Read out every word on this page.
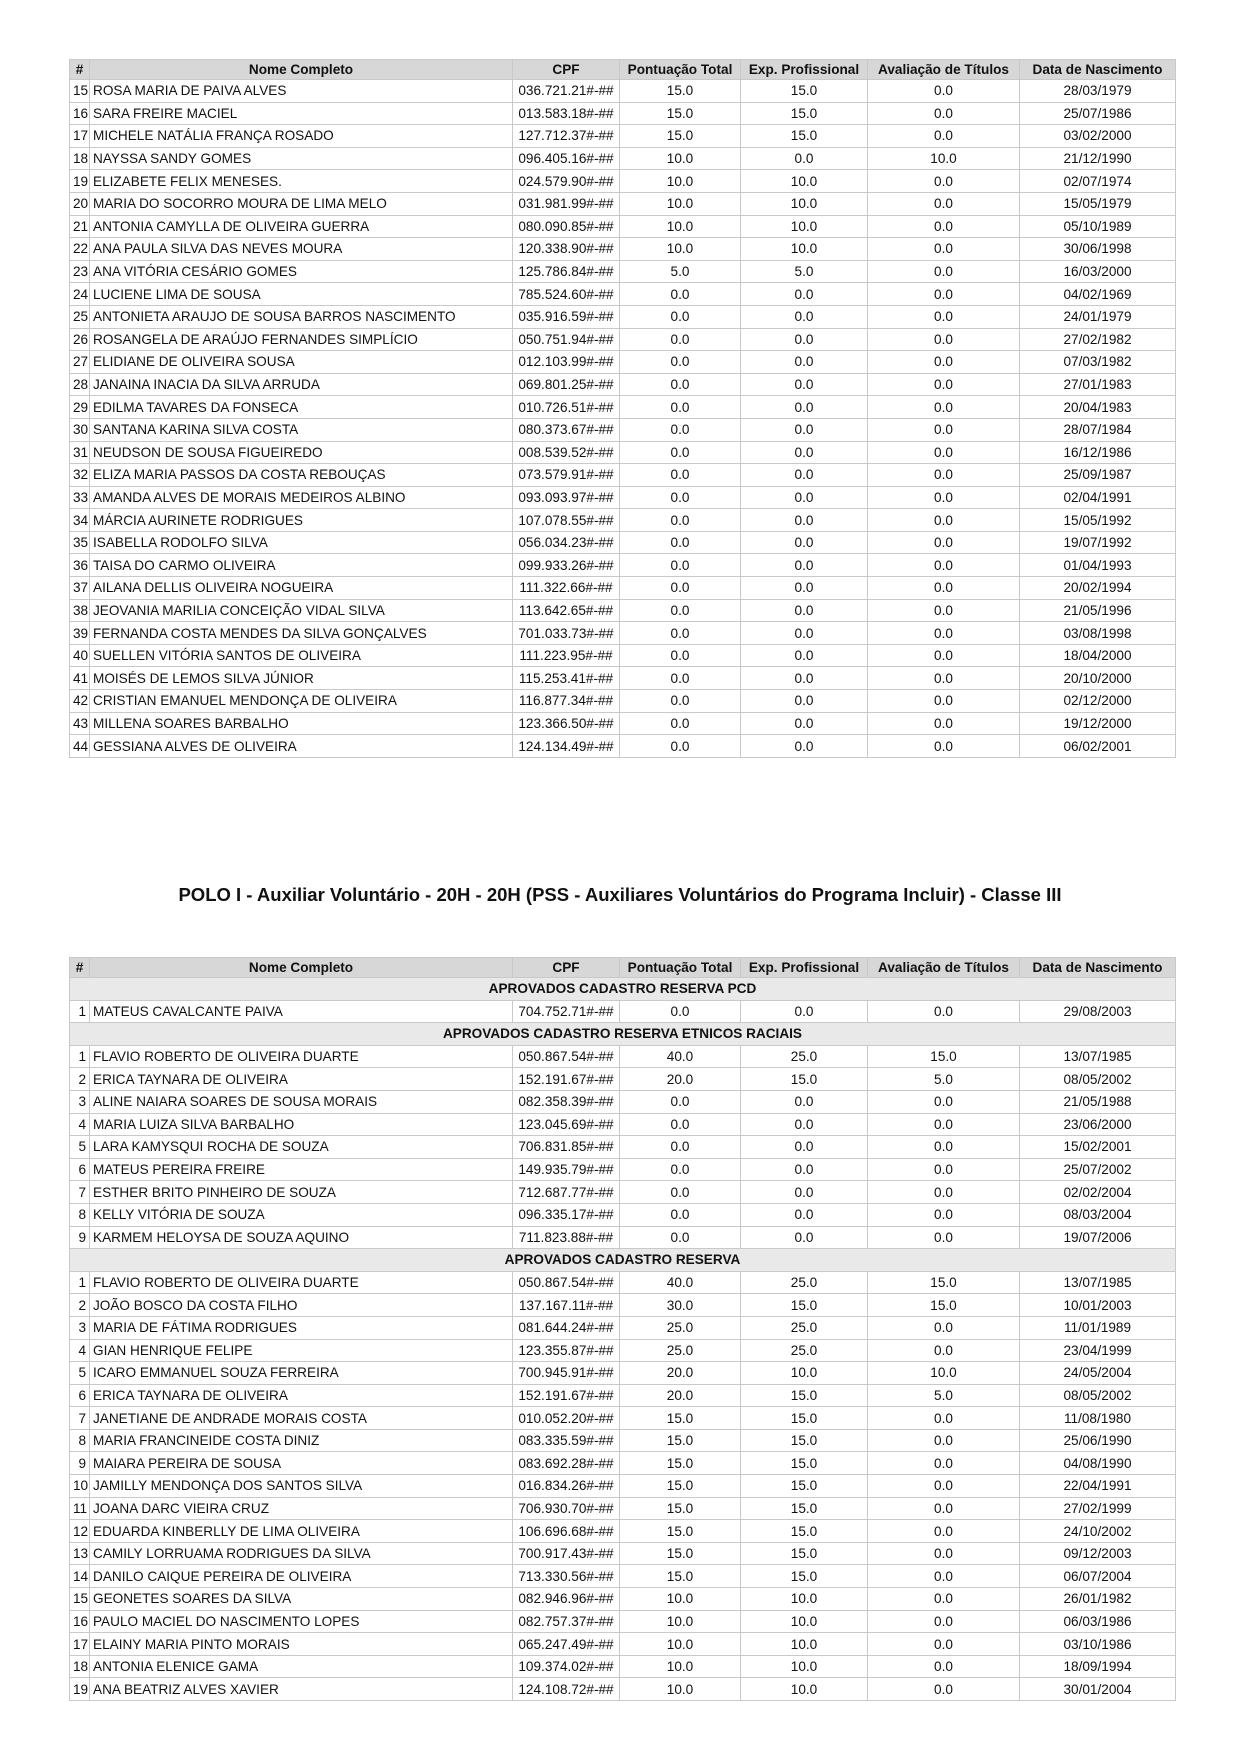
#	Nome Completo	CPF	Pontuação Total	Exp. Profissional	Avaliação de Títulos	Data de Nascimento
15	ROSA MARIA DE PAIVA ALVES	036.721.21#-##	15.0	15.0	0.0	28/03/1979
16	SARA FREIRE MACIEL	013.583.18#-##	15.0	15.0	0.0	25/07/1986
17	MICHELE NATÁLIA FRANÇA ROSADO	127.712.37#-##	15.0	15.0	0.0	03/02/2000
18	NAYSSA SANDY GOMES	096.405.16#-##	10.0	0.0	10.0	21/12/1990
19	ELIZABETE FELIX MENESES.	024.579.90#-##	10.0	10.0	0.0	02/07/1974
20	MARIA DO SOCORRO MOURA DE LIMA MELO	031.981.99#-##	10.0	10.0	0.0	15/05/1979
21	ANTONIA CAMYLLA DE OLIVEIRA GUERRA	080.090.85#-##	10.0	10.0	0.0	05/10/1989
22	ANA PAULA SILVA DAS NEVES MOURA	120.338.90#-##	10.0	10.0	0.0	30/06/1998
23	ANA VITÓRIA CESÁRIO GOMES	125.786.84#-##	5.0	5.0	0.0	16/03/2000
24	LUCIENE LIMA DE SOUSA	785.524.60#-##	0.0	0.0	0.0	04/02/1969
25	ANTONIETA ARAUJO DE SOUSA BARROS NASCIMENTO	035.916.59#-##	0.0	0.0	0.0	24/01/1979
26	ROSANGELA DE ARAÚJO FERNANDES SIMPLÍCIO	050.751.94#-##	0.0	0.0	0.0	27/02/1982
27	ELIDIANE DE OLIVEIRA SOUSA	012.103.99#-##	0.0	0.0	0.0	07/03/1982
28	JANAINA INACIA DA SILVA ARRUDA	069.801.25#-##	0.0	0.0	0.0	27/01/1983
29	EDILMA TAVARES DA FONSECA	010.726.51#-##	0.0	0.0	0.0	20/04/1983
30	SANTANA KARINA SILVA COSTA	080.373.67#-##	0.0	0.0	0.0	28/07/1984
31	NEUDSON DE SOUSA FIGUEIREDO	008.539.52#-##	0.0	0.0	0.0	16/12/1986
32	ELIZA MARIA PASSOS DA COSTA REBOUÇAS	073.579.91#-##	0.0	0.0	0.0	25/09/1987
33	AMANDA ALVES DE MORAIS MEDEIROS ALBINO	093.093.97#-##	0.0	0.0	0.0	02/04/1991
34	MÁRCIA AURINETE RODRIGUES	107.078.55#-##	0.0	0.0	0.0	15/05/1992
35	ISABELLA RODOLFO SILVA	056.034.23#-##	0.0	0.0	0.0	19/07/1992
36	TAISA DO CARMO OLIVEIRA	099.933.26#-##	0.0	0.0	0.0	01/04/1993
37	AILANA DELLIS OLIVEIRA NOGUEIRA	111.322.66#-##	0.0	0.0	0.0	20/02/1994
38	JEOVANIA MARILIA CONCEIÇÃO VIDAL SILVA	113.642.65#-##	0.0	0.0	0.0	21/05/1996
39	FERNANDA COSTA MENDES DA SILVA GONÇALVES	701.033.73#-##	0.0	0.0	0.0	03/08/1998
40	SUELLEN VITÓRIA SANTOS DE OLIVEIRA	111.223.95#-##	0.0	0.0	0.0	18/04/2000
41	MOISÉS DE LEMOS SILVA JÚNIOR	115.253.41#-##	0.0	0.0	0.0	20/10/2000
42	CRISTIAN EMANUEL MENDONÇA DE OLIVEIRA	116.877.34#-##	0.0	0.0	0.0	02/12/2000
43	MILLENA SOARES BARBALHO	123.366.50#-##	0.0	0.0	0.0	19/12/2000
44	GESSIANA ALVES DE OLIVEIRA	124.134.49#-##	0.0	0.0	0.0	06/02/2001
POLO I - Auxiliar Voluntário - 20H - 20H (PSS - Auxiliares Voluntários do Programa Incluir) - Classe III
#	Nome Completo	CPF	Pontuação Total	Exp. Profissional	Avaliação de Títulos	Data de Nascimento
APROVADOS CADASTRO RESERVA PCD						
1	MATEUS CAVALCANTE PAIVA	704.752.71#-##	0.0	0.0	0.0	29/08/2003
APROVADOS CADASTRO RESERVA ETNICOS RACIAIS						
1	FLAVIO ROBERTO DE OLIVEIRA DUARTE	050.867.54#-##	40.0	25.0	15.0	13/07/1985
2	ERICA TAYNARA DE OLIVEIRA	152.191.67#-##	20.0	15.0	5.0	08/05/2002
3	ALINE NAIARA SOARES DE SOUSA MORAIS	082.358.39#-##	0.0	0.0	0.0	21/05/1988
4	MARIA LUIZA SILVA BARBALHO	123.045.69#-##	0.0	0.0	0.0	23/06/2000
5	LARA KAMYSQUI ROCHA DE SOUZA	706.831.85#-##	0.0	0.0	0.0	15/02/2001
6	MATEUS PEREIRA FREIRE	149.935.79#-##	0.0	0.0	0.0	25/07/2002
7	ESTHER BRITO PINHEIRO DE SOUZA	712.687.77#-##	0.0	0.0	0.0	02/02/2004
8	KELLY VITÓRIA DE SOUZA	096.335.17#-##	0.0	0.0	0.0	08/03/2004
9	KARMEM HELOYSA DE SOUZA AQUINO	711.823.88#-##	0.0	0.0	0.0	19/07/2006
APROVADOS CADASTRO RESERVA						
1	FLAVIO ROBERTO DE OLIVEIRA DUARTE	050.867.54#-##	40.0	25.0	15.0	13/07/1985
2	JOÃO BOSCO DA COSTA FILHO	137.167.11#-##	30.0	15.0	15.0	10/01/2003
3	MARIA DE FÁTIMA RODRIGUES	081.644.24#-##	25.0	25.0	0.0	11/01/1989
4	GIAN HENRIQUE FELIPE	123.355.87#-##	25.0	25.0	0.0	23/04/1999
5	ICARO EMMANUEL SOUZA FERREIRA	700.945.91#-##	20.0	10.0	10.0	24/05/2004
6	ERICA TAYNARA DE OLIVEIRA	152.191.67#-##	20.0	15.0	5.0	08/05/2002
7	JANETIANE DE ANDRADE MORAIS COSTA	010.052.20#-##	15.0	15.0	0.0	11/08/1980
8	MARIA FRANCINEIDE COSTA DINIZ	083.335.59#-##	15.0	15.0	0.0	25/06/1990
9	MAIARA PEREIRA DE SOUSA	083.692.28#-##	15.0	15.0	0.0	04/08/1990
10	JAMILLY MENDONÇA DOS SANTOS SILVA	016.834.26#-##	15.0	15.0	0.0	22/04/1991
11	JOANA DARC VIEIRA CRUZ	706.930.70#-##	15.0	15.0	0.0	27/02/1999
12	EDUARDA KINBERLLY DE LIMA OLIVEIRA	106.696.68#-##	15.0	15.0	0.0	24/10/2002
13	CAMILY LORRUAMA RODRIGUES DA SILVA	700.917.43#-##	15.0	15.0	0.0	09/12/2003
14	DANILO CAIQUE PEREIRA DE OLIVEIRA	713.330.56#-##	15.0	15.0	0.0	06/07/2004
15	GEONETES SOARES DA SILVA	082.946.96#-##	10.0	10.0	0.0	26/01/1982
16	PAULO MACIEL DO NASCIMENTO LOPES	082.757.37#-##	10.0	10.0	0.0	06/03/1986
17	ELAINY MARIA PINTO MORAIS	065.247.49#-##	10.0	10.0	0.0	03/10/1986
18	ANTONIA ELENICE GAMA	109.374.02#-##	10.0	10.0	0.0	18/09/1994
19	ANA BEATRIZ ALVES XAVIER	124.108.72#-##	10.0	10.0	0.0	30/01/2004
